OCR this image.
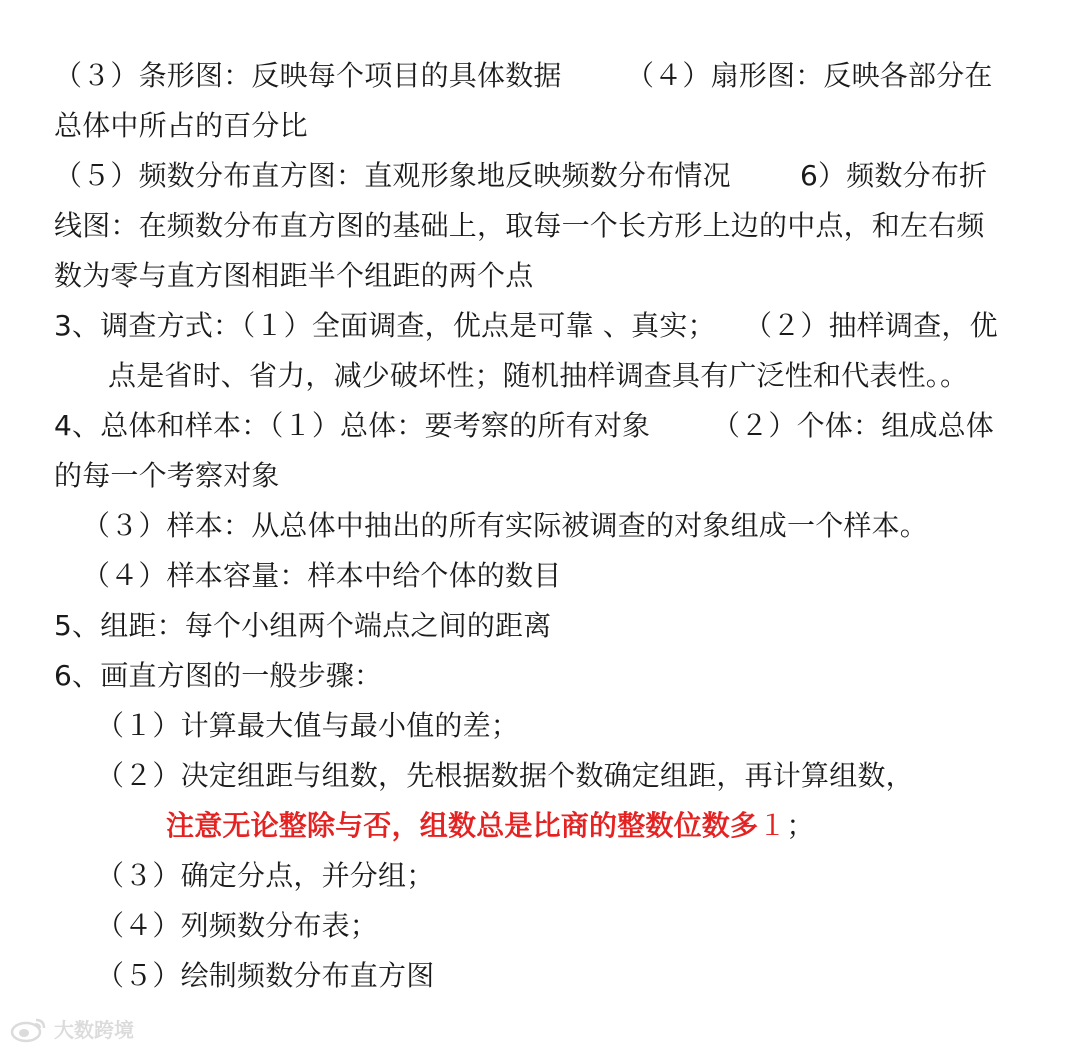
（３）条形图：反映每个项目的具体数据 （４）扇形图：反映各部分在
总体中所占的百分比
（５）频数分布直方图：直观形象地反映频数分布情况 6）频数分布折
线图：在频数分布直方图的基础上，取每一个长方形上边的中点，和左右频
数为零与直方图相距半个组距的两个点
3、调查方式：（１）全面调查，优点是可靠 、真实； （２）抽样调查，优
点是省时、省力，减少破坏性；随机抽样调查具有广泛性和代表性。。
4、总体和样本：（１）总体：要考察的所有对象 （２）个体：组成总体
的每一个考察对象
（３）样本：从总体中抽出的所有实际被调查的对象组成一个样本。
（４）样本容量：样本中给个体的数目
5、组距：每个小组两个端点之间的距离
6、画直方图的一般步骤：
（１）计算最大值与最小值的差；
（２）决定组距与组数，先根据数据个数确定组距，再计算组数，
注意无论整除与否，组数总是比商的整数位数多１；
（３）确定分点，并分组；
（４）列频数分布表；
（５）绘制频数分布直方图
大数跨境
